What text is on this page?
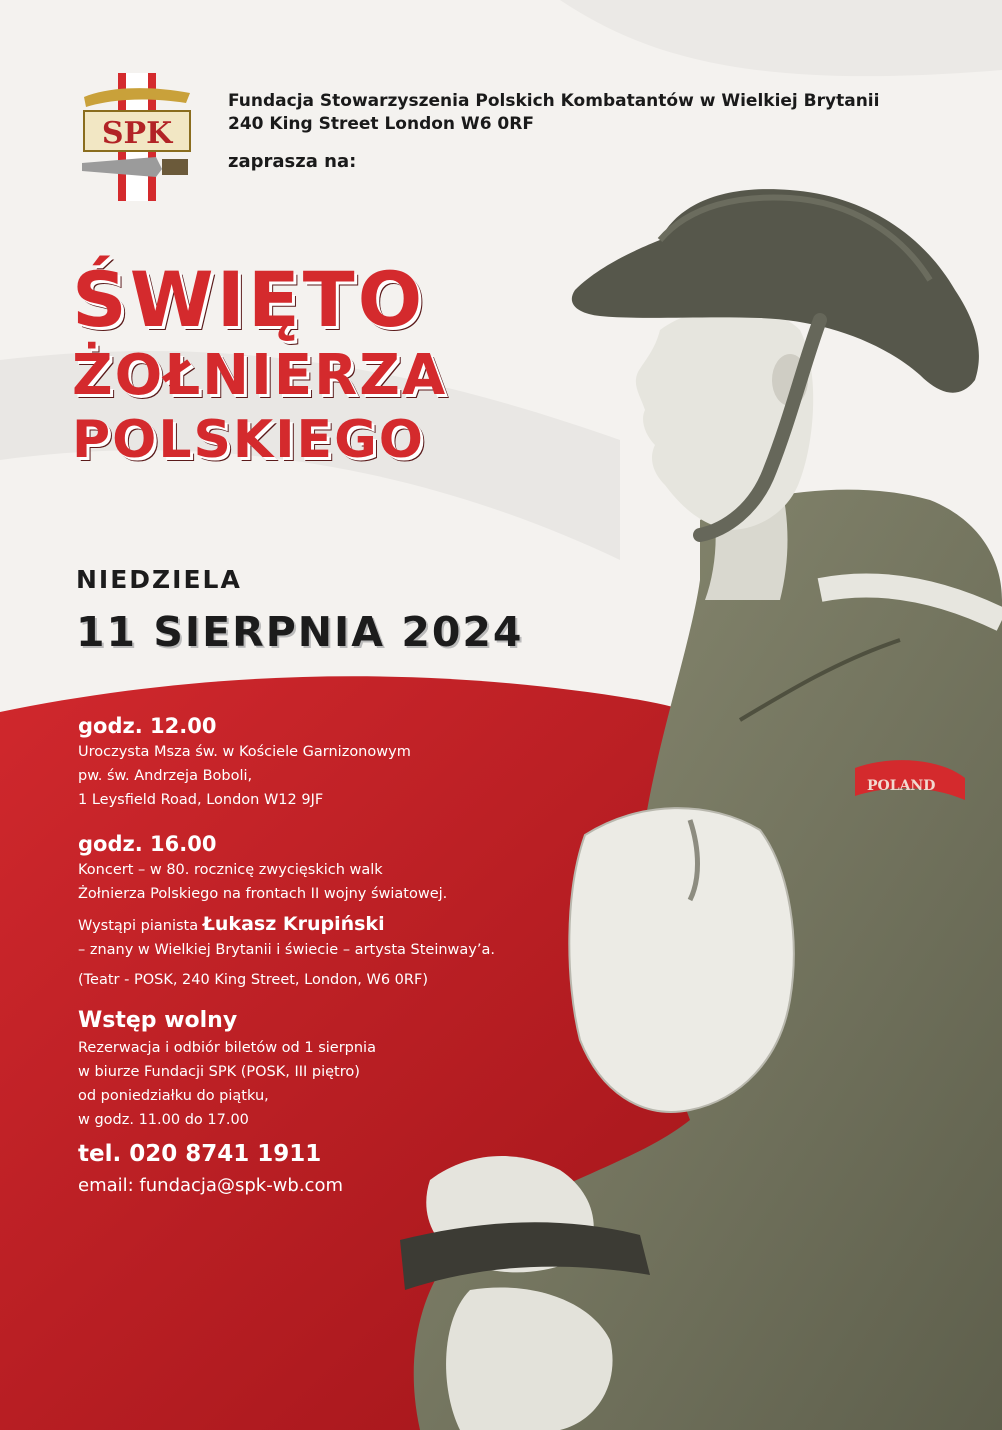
POLAND
SPK
Fundacja Stowarzyszenia Polskich Kombatantów w Wielkiej Brytanii
240 King Street London W6 0RF
zaprasza na:
ŚWIĘTO
ŻOŁNIERZA
POLSKIEGO
NIEDZIELA
11 SIERPNIA 2024
godz. 12.00
Uroczysta Msza św. w Kościele Garnizonowym
pw. św. Andrzeja Boboli,
1 Leysfield Road, London W12 9JF
godz. 16.00
Koncert – w 80. rocznicę zwycięskich walk
Żołnierza Polskiego na frontach II wojny światowej.
Wystąpi pianista Łukasz Krupiński
– znany w Wielkiej Brytanii i świecie – artysta Steinway’a.
(Teatr - POSK, 240 King Street, London, W6 0RF)
Wstęp wolny
Rezerwacja i odbiór biletów od 1 sierpnia
w biurze Fundacji SPK (POSK, III piętro)
od poniedziałku do piątku,
w godz. 11.00 do 17.00
tel. 020 8741 1911
email: fundacja@spk-wb.com
